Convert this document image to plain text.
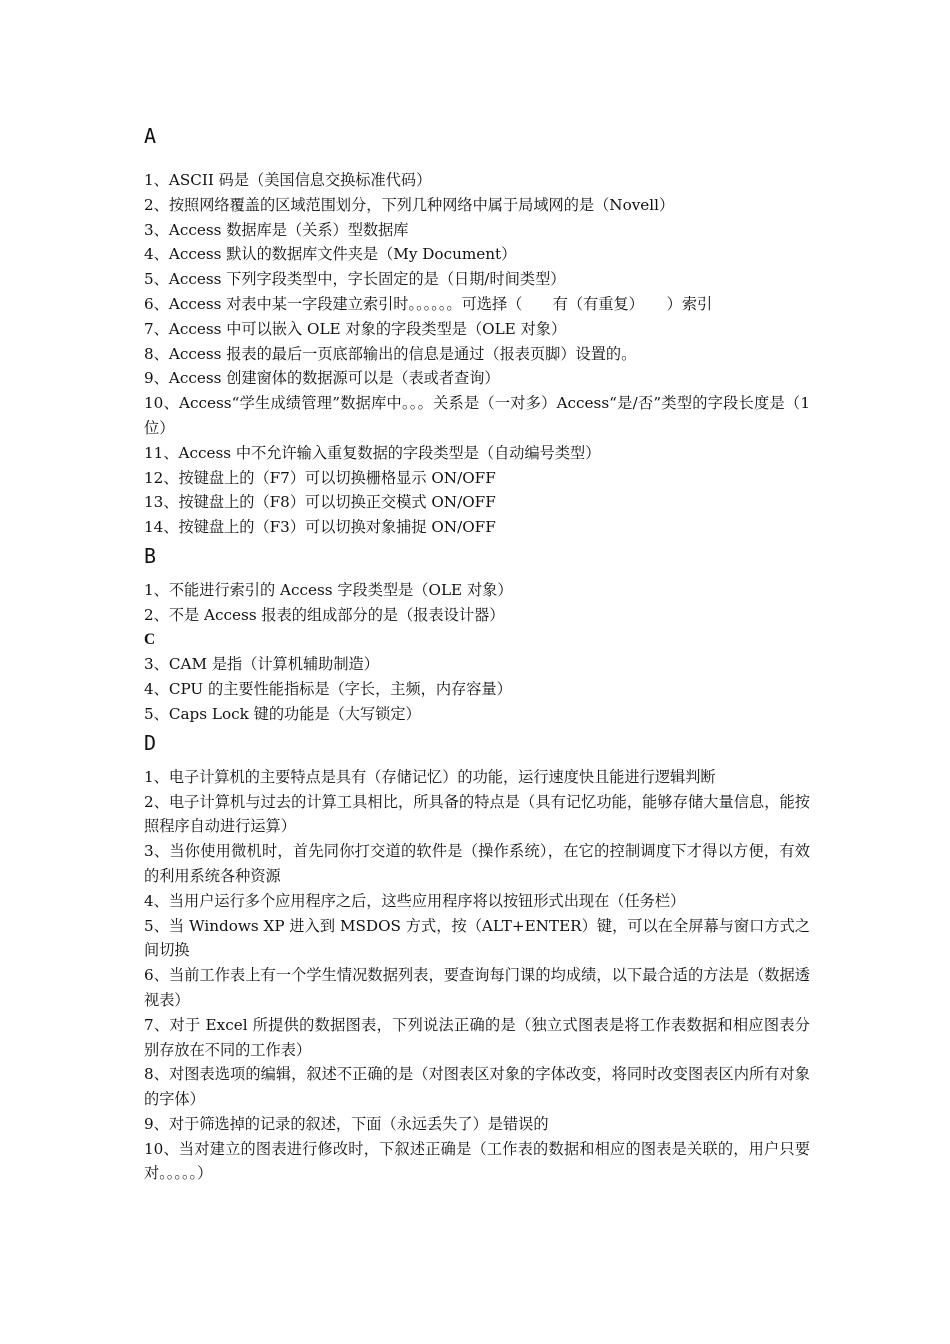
A

1、ASCII 码是（美国信息交换标准代码）

2、按照网络覆盖的区域范围划分，下列几种网络中属于局域网的是（Novell）

3、Access 数据库是（关系）型数据库

4、Access 默认的数据库文件夹是（My Document）

5、Access 下列字段类型中，字长固定的是（日期/时间类型）

6、Access 对表中某一字段建立索引时。。。。。。可选择（　　有（有重复）　　）索引

7、Access 中可以嵌入 OLE 对象的字段类型是（OLE 对象）

8、Access 报表的最后一页底部输出的信息是通过（报表页脚）设置的。

9、Access 创建窗体的数据源可以是（表或者查询）

10、Access“学生成绩管理”数据库中。。。关系是（一对多）Access“是/否”类型的字段长度是（1 位）

11、Access 中不允许输入重复数据的字段类型是（自动编号类型）

12、按键盘上的（F7）可以切换栅格显示 ON/OFF

13、按键盘上的（F8）可以切换正交模式 ON/OFF

14、按键盘上的（F3）可以切换对象捕捉 ON/OFF

B

1、不能进行索引的 Access 字段类型是（OLE 对象）

2、不是 Access 报表的组成部分的是（报表设计器）

C

3、CAM 是指（计算机辅助制造）

4、CPU 的主要性能指标是（字长，主频，内存容量）

5、Caps Lock 键的功能是（大写锁定）

D

1、电子计算机的主要特点是具有（存储记忆）的功能，运行速度快且能进行逻辑判断

2、电子计算机与过去的计算工具相比，所具备的特点是（具有记忆功能，能够存储大量信息，能按照程序自动进行运算）

3、当你使用微机时，首先同你打交道的软件是（操作系统），在它的控制调度下才得以方便，有效的利用系统各种资源

4、当用户运行多个应用程序之后，这些应用程序将以按钮形式出现在（任务栏）

5、当 Windows XP 进入到 MSDOS 方式，按（ALT+ENTER）键，可以在全屏幕与窗口方式之间切换

6、当前工作表上有一个学生情况数据列表，要查询每门课的均成绩，以下最合适的方法是（数据透视表）

7、对于 Excel 所提供的数据图表，下列说法正确的是（独立式图表是将工作表数据和相应图表分别存放在不同的工作表）

8、对图表选项的编辑，叙述不正确的是（对图表区对象的字体改变，将同时改变图表区内所有对象的字体）

9、对于筛选掉的记录的叙述，下面（永远丢失了）是错误的

10、当对建立的图表进行修改时，下叙述正确是（工作表的数据和相应的图表是关联的，用户只要对。。。。。）
